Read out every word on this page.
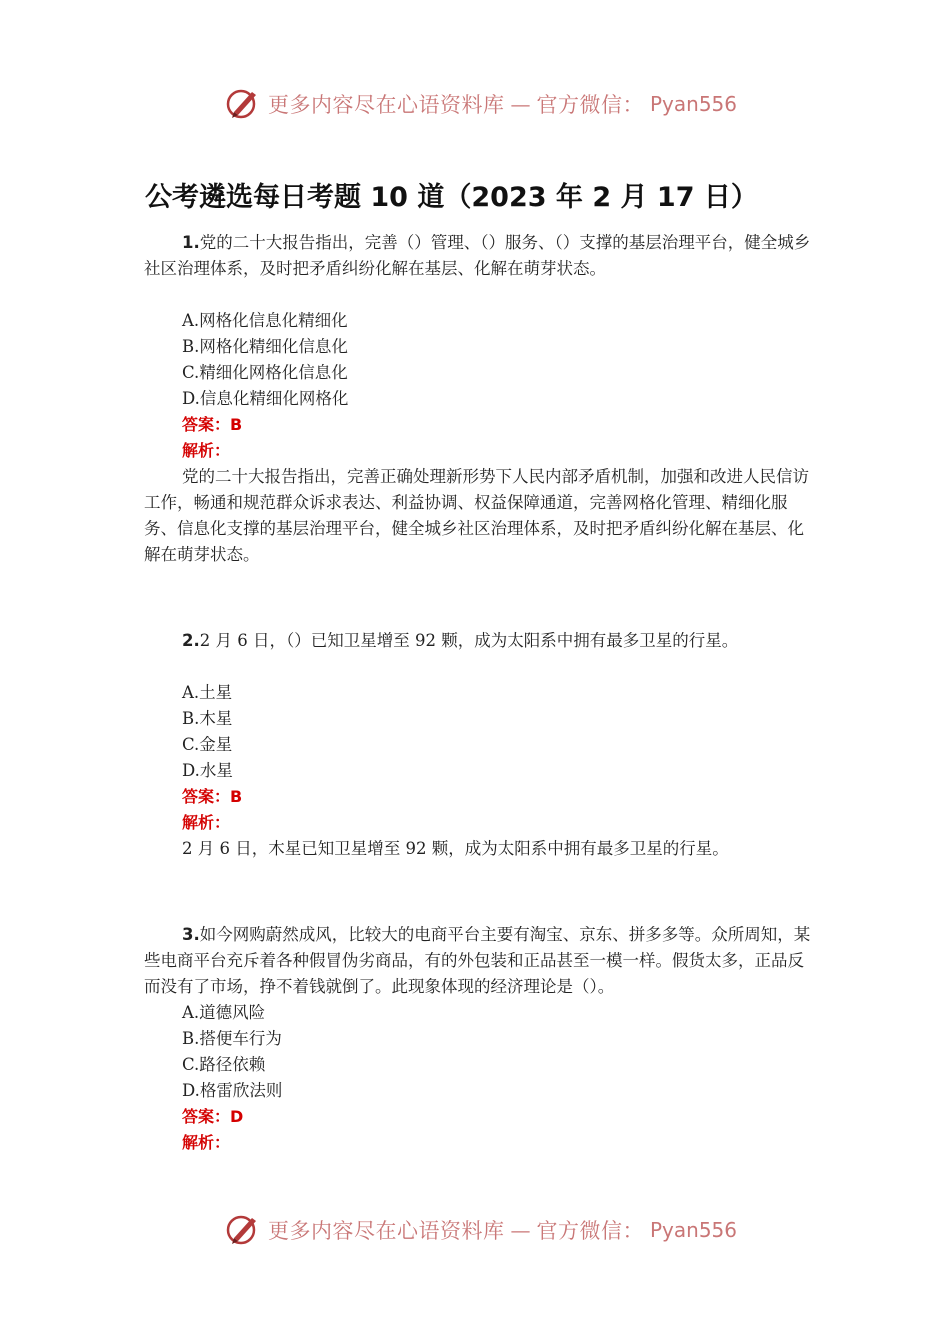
更多内容尽在心语资料库 — 官方微信： Pyan556
公考遴选每日考题 10 道（2023 年 2 月 17 日）

1.党的二十大报告指出，完善（）管理、（）服务、（）支撑的基层治理平台，健全城乡社区治理体系，及时把矛盾纠纷化解在基层、化解在萌芽状态。

A.网格化信息化精细化

B.网格化精细化信息化

C.精细化网格化信息化

D.信息化精细化网格化

答案：B

解析：

党的二十大报告指出，完善正确处理新形势下人民内部矛盾机制，加强和改进人民信访工作，畅通和规范群众诉求表达、利益协调、权益保障通道，完善网格化管理、精细化服务、信息化支撑的基层治理平台，健全城乡社区治理体系，及时把矛盾纠纷化解在基层、化解在萌芽状态。

2.2 月 6 日，（）已知卫星增至 92 颗，成为太阳系中拥有最多卫星的行星。

A.土星

B.木星

C.金星

D.水星

答案：B

解析：

2 月 6 日，木星已知卫星增至 92 颗，成为太阳系中拥有最多卫星的行星。

3.如今网购蔚然成风，比较大的电商平台主要有淘宝、京东、拼多多等。众所周知，某些电商平台充斥着各种假冒伪劣商品，有的外包装和正品甚至一模一样。假货太多，正品反而没有了市场，挣不着钱就倒了。此现象体现的经济理论是（）。

A.道德风险

B.搭便车行为

C.路径依赖

D.格雷欣法则

答案：D

解析：

更多内容尽在心语资料库 — 官方微信： Pyan556
